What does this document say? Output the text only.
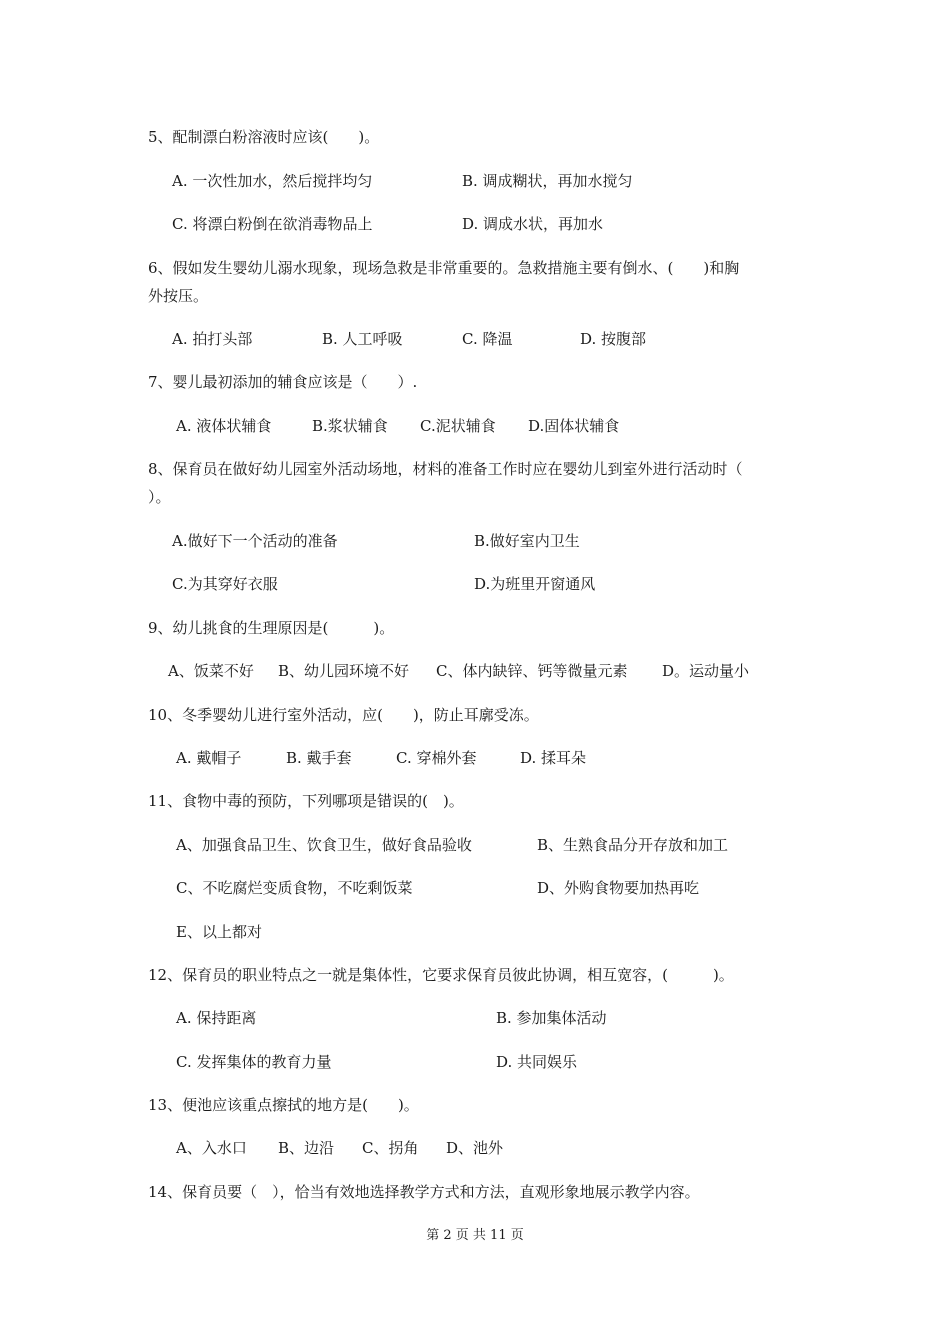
5、配制漂白粉溶液时应该(　　)。
A. 一次性加水，然后搅拌均匀	B. 调成糊状，再加水搅匀
C. 将漂白粉倒在欲消毒物品上	D. 调成水状，再加水
6、假如发生婴幼儿溺水现象，现场急救是非常重要的。急救措施主要有倒水、(　　)和胸
外按压。
A. 拍打头部	B. 人工呼吸	C. 降温	D. 按腹部
7、婴儿最初添加的辅食应该是（　　）.
A. 液体状辅食	B.浆状辅食 C.泥状辅食 D.固体状辅食
8、保育员在做好幼儿园室外活动场地，材料的准备工作时应在婴幼儿到室外进行活动时（
）。
A.做好下一个活动的准备	B.做好室内卫生
C.为其穿好衣服	D.为班里开窗通风
9、幼儿挑食的生理原因是(　　　)。
A、饭菜不好 B、幼儿园环境不好 C、体内缺锌、钙等微量元素 D。运动量小
10、冬季婴幼儿进行室外活动，应(　　)，防止耳廓受冻。
A. 戴帽子	B. 戴手套	C. 穿棉外套	D. 揉耳朵
11、食物中毒的预防，下列哪项是错误的(　)。
A、加强食品卫生、饮食卫生，做好食品验收	B、生熟食品分开存放和加工
C、不吃腐烂变质食物，不吃剩饭菜	D、外购食物要加热再吃
E、以上都对
12、保育员的职业特点之一就是集体性，它要求保育员彼此协调，相互宽容，(　　　)。
A. 保持距离	B. 参加集体活动
C. 发挥集体的教育力量	D. 共同娱乐
13、便池应该重点擦拭的地方是(　　)。
A、入水口 B、边沿 C、拐角 D、池外
14、保育员要（　），恰当有效地选择教学方式和方法，直观形象地展示教学内容。
第 2 页 共 11 页
